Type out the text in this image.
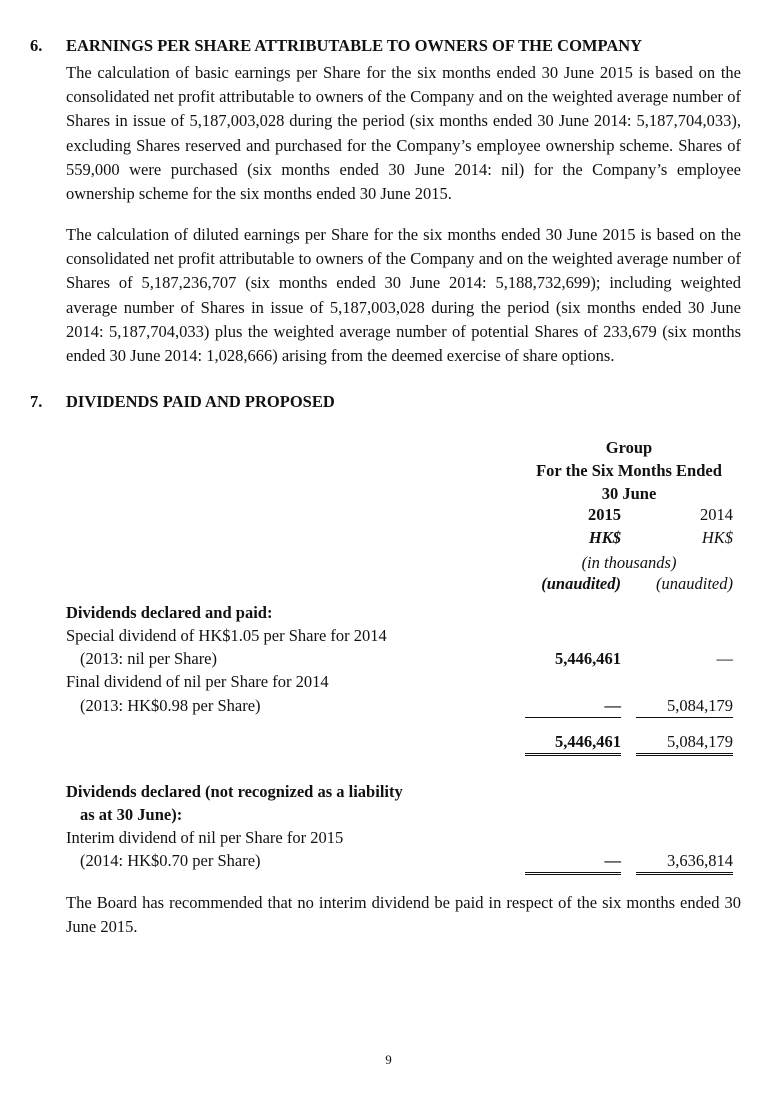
6. EARNINGS PER SHARE ATTRIBUTABLE TO OWNERS OF THE COMPANY
The calculation of basic earnings per Share for the six months ended 30 June 2015 is based on the consolidated net profit attributable to owners of the Company and on the weighted average number of Shares in issue of 5,187,003,028 during the period (six months ended 30 June 2014: 5,187,704,033), excluding Shares reserved and purchased for the Company’s employee ownership scheme. Shares of 559,000 were purchased (six months ended 30 June 2014: nil) for the Company’s employee ownership scheme for the six months ended 30 June 2015.
The calculation of diluted earnings per Share for the six months ended 30 June 2015 is based on the consolidated net profit attributable to owners of the Company and on the weighted average number of Shares of 5,187,236,707 (six months ended 30 June 2014: 5,188,732,699); including weighted average number of Shares in issue of 5,187,003,028 during the period (six months ended 30 June 2014: 5,187,704,033) plus the weighted average number of potential Shares of 233,679 (six months ended 30 June 2014: 1,028,666) arising from the deemed exercise of share options.
7. DIVIDENDS PAID AND PROPOSED
Group
For the Six Months Ended
30 June
2015	2014
HK$	HK$
(in thousands)
(unaudited)	(unaudited)
Dividends declared and paid:
Special dividend of HK$1.05 per Share for 2014
(2013: nil per Share)	5,446,461	—
Final dividend of nil per Share for 2014
(2013: HK$0.98 per Share)	—	5,084,179
5,446,461	5,084,179
Dividends declared (not recognized as a liability
as at 30 June):
Interim dividend of nil per Share for 2015
(2014: HK$0.70 per Share)	—	3,636,814
The Board has recommended that no interim dividend be paid in respect of the six months ended 30 June 2015.
9
